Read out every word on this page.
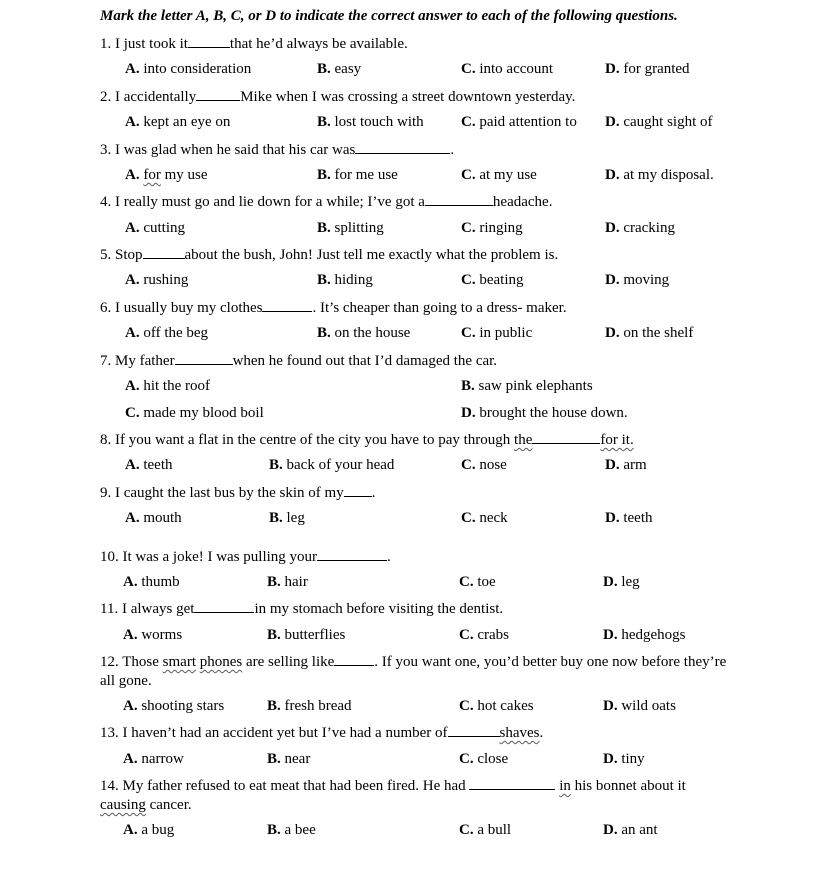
Mark the letter A, B, C, or D to indicate the correct answer to each of the following questions.
1. I just took it	that he’d always be available.
A. into consideration	B. easy	C. into account	D. for granted
2. I accidentally	Mike when I was crossing a street downtown yesterday.
A. kept an eye on	B. lost touch with C. paid attention to D. caught sight of
3. I was glad when he said that his car was	.
A. for my use	B. for me use	C. at my use	D. at my disposal.
4. I really must go and lie down for a while; I’ve got a	headache.
A. cutting	B. splitting	C. ringing	D. cracking
5. Stop	about the bush, John! Just tell me exactly what the problem is.
A. rushing	B. hiding	C. beating	D. moving
6. I usually buy my clothes	. It’s cheaper than going to a dress- maker.
A. off the beg	B. on the house	C. in public	D. on the shelf
7. My father	when he found out that I’d damaged the car.
A. hit the roof	B. saw pink elephants
C. made my blood boil	D. brought the house down.
8. If you want a flat in the centre of the city you have to pay through the	for it.
A. teeth	B. back of your head	C. nose	D. arm
9. I caught the last bus by the skin of my .
A. mouth	B. leg	C. neck	D. teeth
10. It was a joke! I was pulling your	.
A. thumb	B. hair	C. toe	D. leg
11. I always get	in my stomach before visiting the dentist.
A. worms	B. butterflies	C. crabs	D. hedgehogs
12. Those smart phones are selling like	. If you want one, you’d better buy one now before they’re all gone.
A. shooting stars	B. fresh bread	C. hot cakes	D. wild oats
13. I haven’t had an accident yet but I’ve had a number of	shaves.
A. narrow	B. near	C. close	D. tiny
14. My father refused to eat meat that had been fired. He had	in his bonnet about it causing cancer.
A. a bug	B. a bee	C. a bull	D. an ant
